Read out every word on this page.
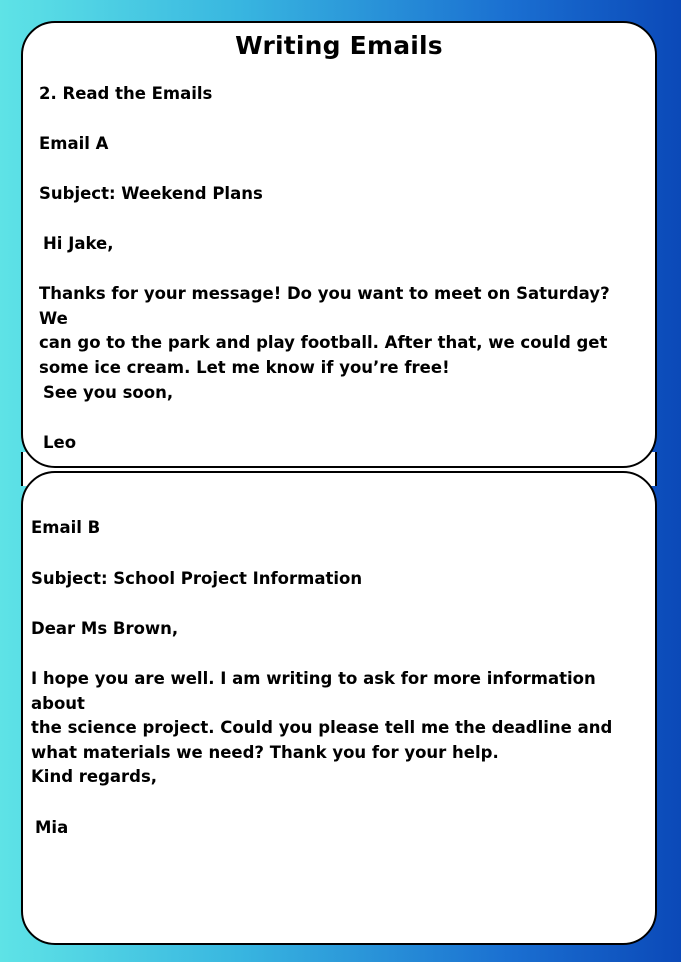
Writing Emails
2. Read the Emails
Email A
Subject: Weekend Plans
Hi Jake,
Thanks for your message! Do you want to meet on Saturday? We
can go to the park and play football. After that, we could get
some ice cream. Let me know if you’re free!
See you soon,
Leo
Email B
Subject: School Project Information
Dear Ms Brown,
I hope you are well. I am writing to ask for more information about
the science project. Could you please tell me the deadline and
what materials we need? Thank you for your help.
Kind regards,
Mia
